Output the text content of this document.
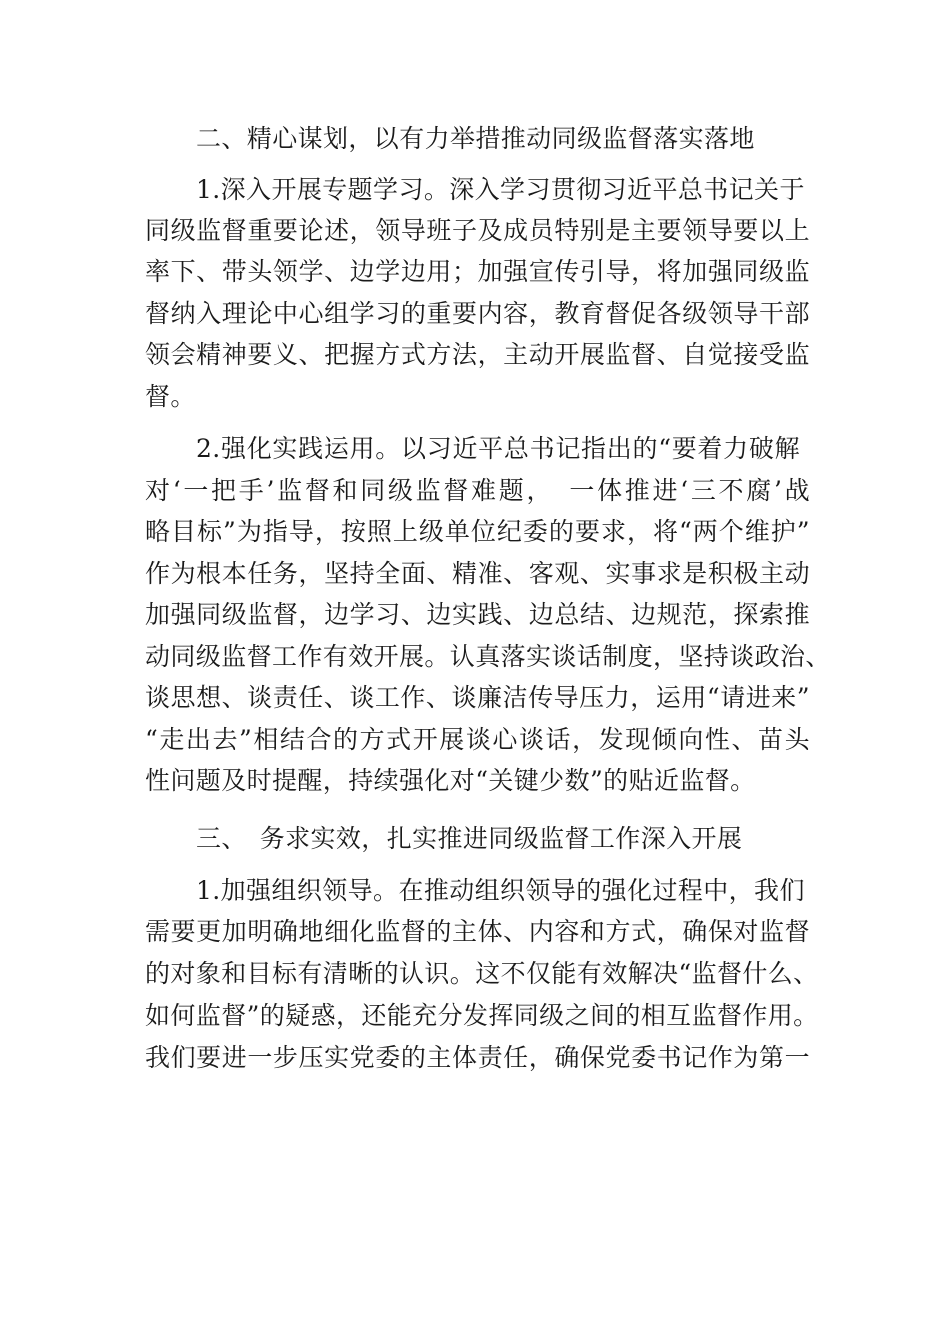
二、精心谋划，以有力举措推动同级监督落实落地
1.深入开展专题学习。深入学习贯彻习近平总书记关于
同级监督重要论述，领导班子及成员特别是主要领导要以上
率下、带头领学、边学边用；加强宣传引导，将加强同级监
督纳入理论中心组学习的重要内容，教育督促各级领导干部
领会精神要义、把握方式方法，主动开展监督、自觉接受监
督。
2.强化实践运用。以习近平总书记指出的“要着力破解
对‘一把手’监督和同级监督难题，　一体推进‘三不腐’战
略目标”为指导，按照上级单位纪委的要求，将“两个维护”
作为根本任务，坚持全面、精准、客观、实事求是积极主动
加强同级监督，边学习、边实践、边总结、边规范，探索推
动同级监督工作有效开展。认真落实谈话制度，坚持谈政治、
谈思想、谈责任、谈工作、谈廉洁传导压力，运用“请进来”
“走出去”相结合的方式开展谈心谈话，发现倾向性、苗头
性问题及时提醒，持续强化对“关键少数”的贴近监督。
三、　务求实效，扎实推进同级监督工作深入开展
1.加强组织领导。在推动组织领导的强化过程中，我们
需要更加明确地细化监督的主体、内容和方式，确保对监督
的对象和目标有清晰的认识。这不仅能有效解决“监督什么、
如何监督”的疑惑，还能充分发挥同级之间的相互监督作用。
我们要进一步压实党委的主体责任，确保党委书记作为第一
